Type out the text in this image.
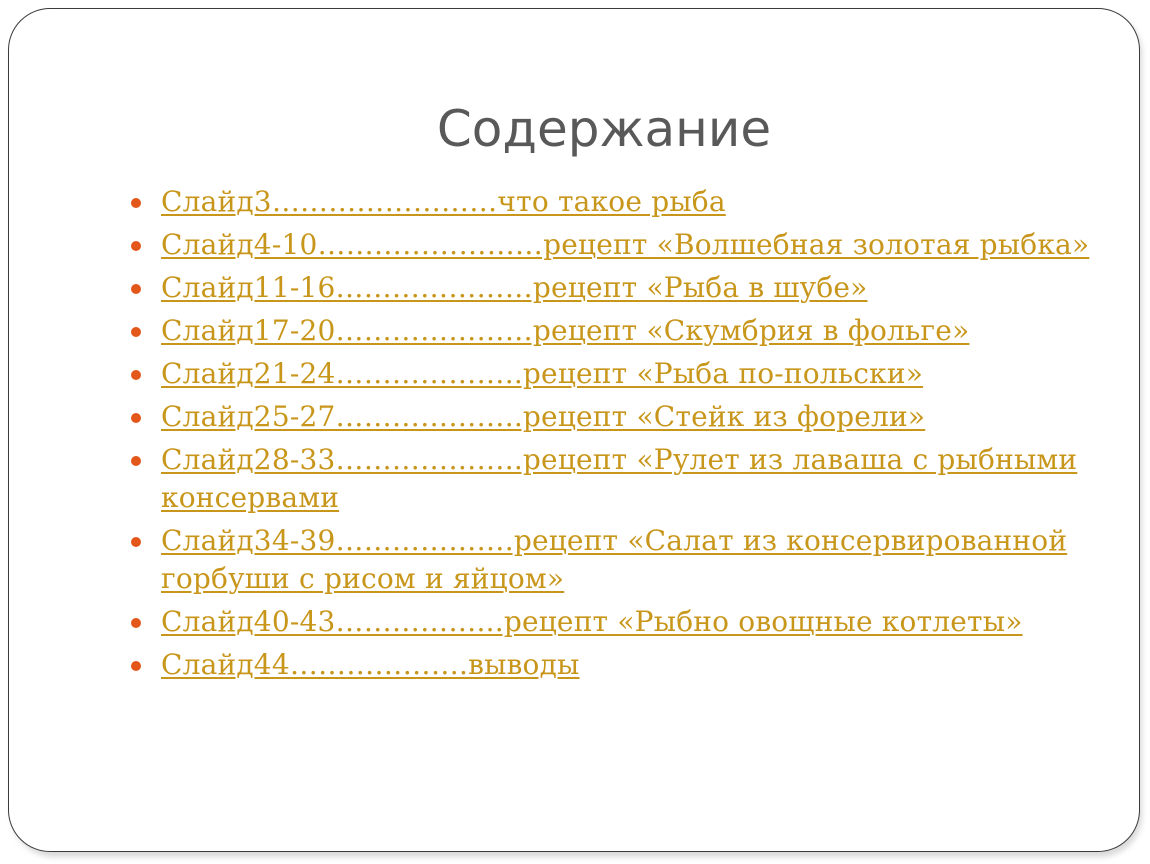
Содержание
Слайд3……………………что такое рыба
Слайд4-10……………………рецепт «Волшебная золотая рыбка»
Слайд11-16…………………рецепт «Рыба в шубе»
Слайд17-20…………………рецепт «Скумбрия в фольге»
Слайд21-24………………..рецепт «Рыба по-польски»
Слайд25-27………………..рецепт «Стейк из форели»
Слайд28-33………………..рецепт «Рулет из лаваша с рыбными консервами
Слайд34-39……………….рецепт «Салат из консервированной горбуши с рисом и яйцом»
Слайд40-43……………...рецепт «Рыбно овощные котлеты»
Слайд44……………….выводы
